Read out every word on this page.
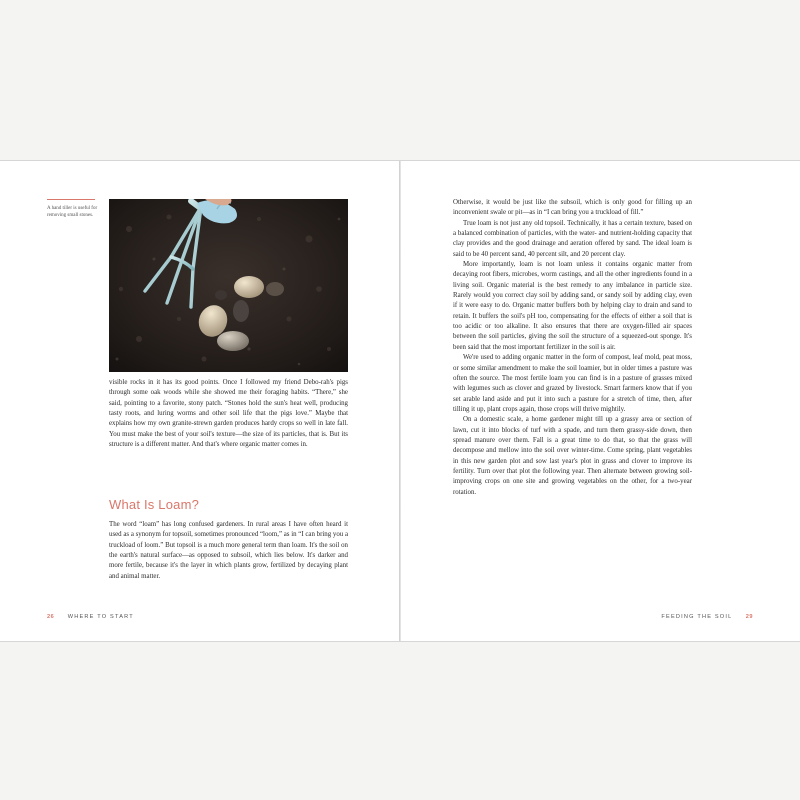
A hand tiller is useful for removing small stones.

visible rocks in it has its good points. Once I followed my friend Debo-rah's pigs through some oak woods while she showed me their foraging habits. “There,” she said, pointing to a favorite, stony patch. “Stones hold the sun's heat well, producing tasty roots, and luring worms and other soil life that the pigs love.” Maybe that explains how my own granite-strewn garden produces hardy crops so well in late fall. You must make the best of your soil's texture—the size of its particles, that is. But its structure is a different matter. And that's where organic matter comes in.

What Is Loam?

The word “loam” has long confused gardeners. In rural areas I have often heard it used as a synonym for topsoil, sometimes pronounced “loom,” as in “I can bring you a truckload of loom.” But topsoil is a much more general term than loam. It's the soil on the earth's natural surface—as opposed to subsoil, which lies below. It's darker and more fertile, because it's the layer in which plants grow, fertilized by decaying plant and animal matter.

26 WHERE TO START

Otherwise, it would be just like the subsoil, which is only good for filling up an inconvenient swale or pit—as in “I can bring you a truckload of fill.”

True loam is not just any old topsoil. Technically, it has a certain texture, based on a balanced combination of particles, with the water- and nutrient-holding capacity that clay provides and the good drainage and aeration offered by sand. The ideal loam is said to be 40 percent sand, 40 percent silt, and 20 percent clay.

More importantly, loam is not loam unless it contains organic matter from decaying root fibers, microbes, worm castings, and all the other ingredients found in a living soil. Organic material is the best remedy to any imbalance in particle size. Rarely would you correct clay soil by adding sand, or sandy soil by adding clay, even if it were easy to do. Organic matter buffers both by helping clay to drain and sand to retain. It buffers the soil's pH too, compensating for the effects of either a soil that is too acidic or too alkaline. It also ensures that there are oxygen-filled air spaces between the soil particles, giving the soil the structure of a squeezed-out sponge. It's been said that the most important fertilizer in the soil is air.

We're used to adding organic matter in the form of compost, leaf mold, peat moss, or some similar amendment to make the soil loamier, but in older times a pasture was often the source. The most fertile loam you can find is in a pasture of grasses mixed with legumes such as clover and grazed by livestock. Smart farmers know that if you set arable land aside and put it into such a pasture for a stretch of time, then, after tilling it up, plant crops again, those crops will thrive mightily.

On a domestic scale, a home gardener might till up a grassy area or section of lawn, cut it into blocks of turf with a spade, and turn them grassy-side down, then spread manure over them. Fall is a great time to do that, so that the grass will decompose and mellow into the soil over winter-time. Come spring, plant vegetables in this new garden plot and sow last year's plot in grass and clover to improve its fertility. Turn over that plot the following year. Then alternate between growing soil-improving crops on one site and growing vegetables on the other, for a two-year rotation.

FEEDING THE SOIL 29
